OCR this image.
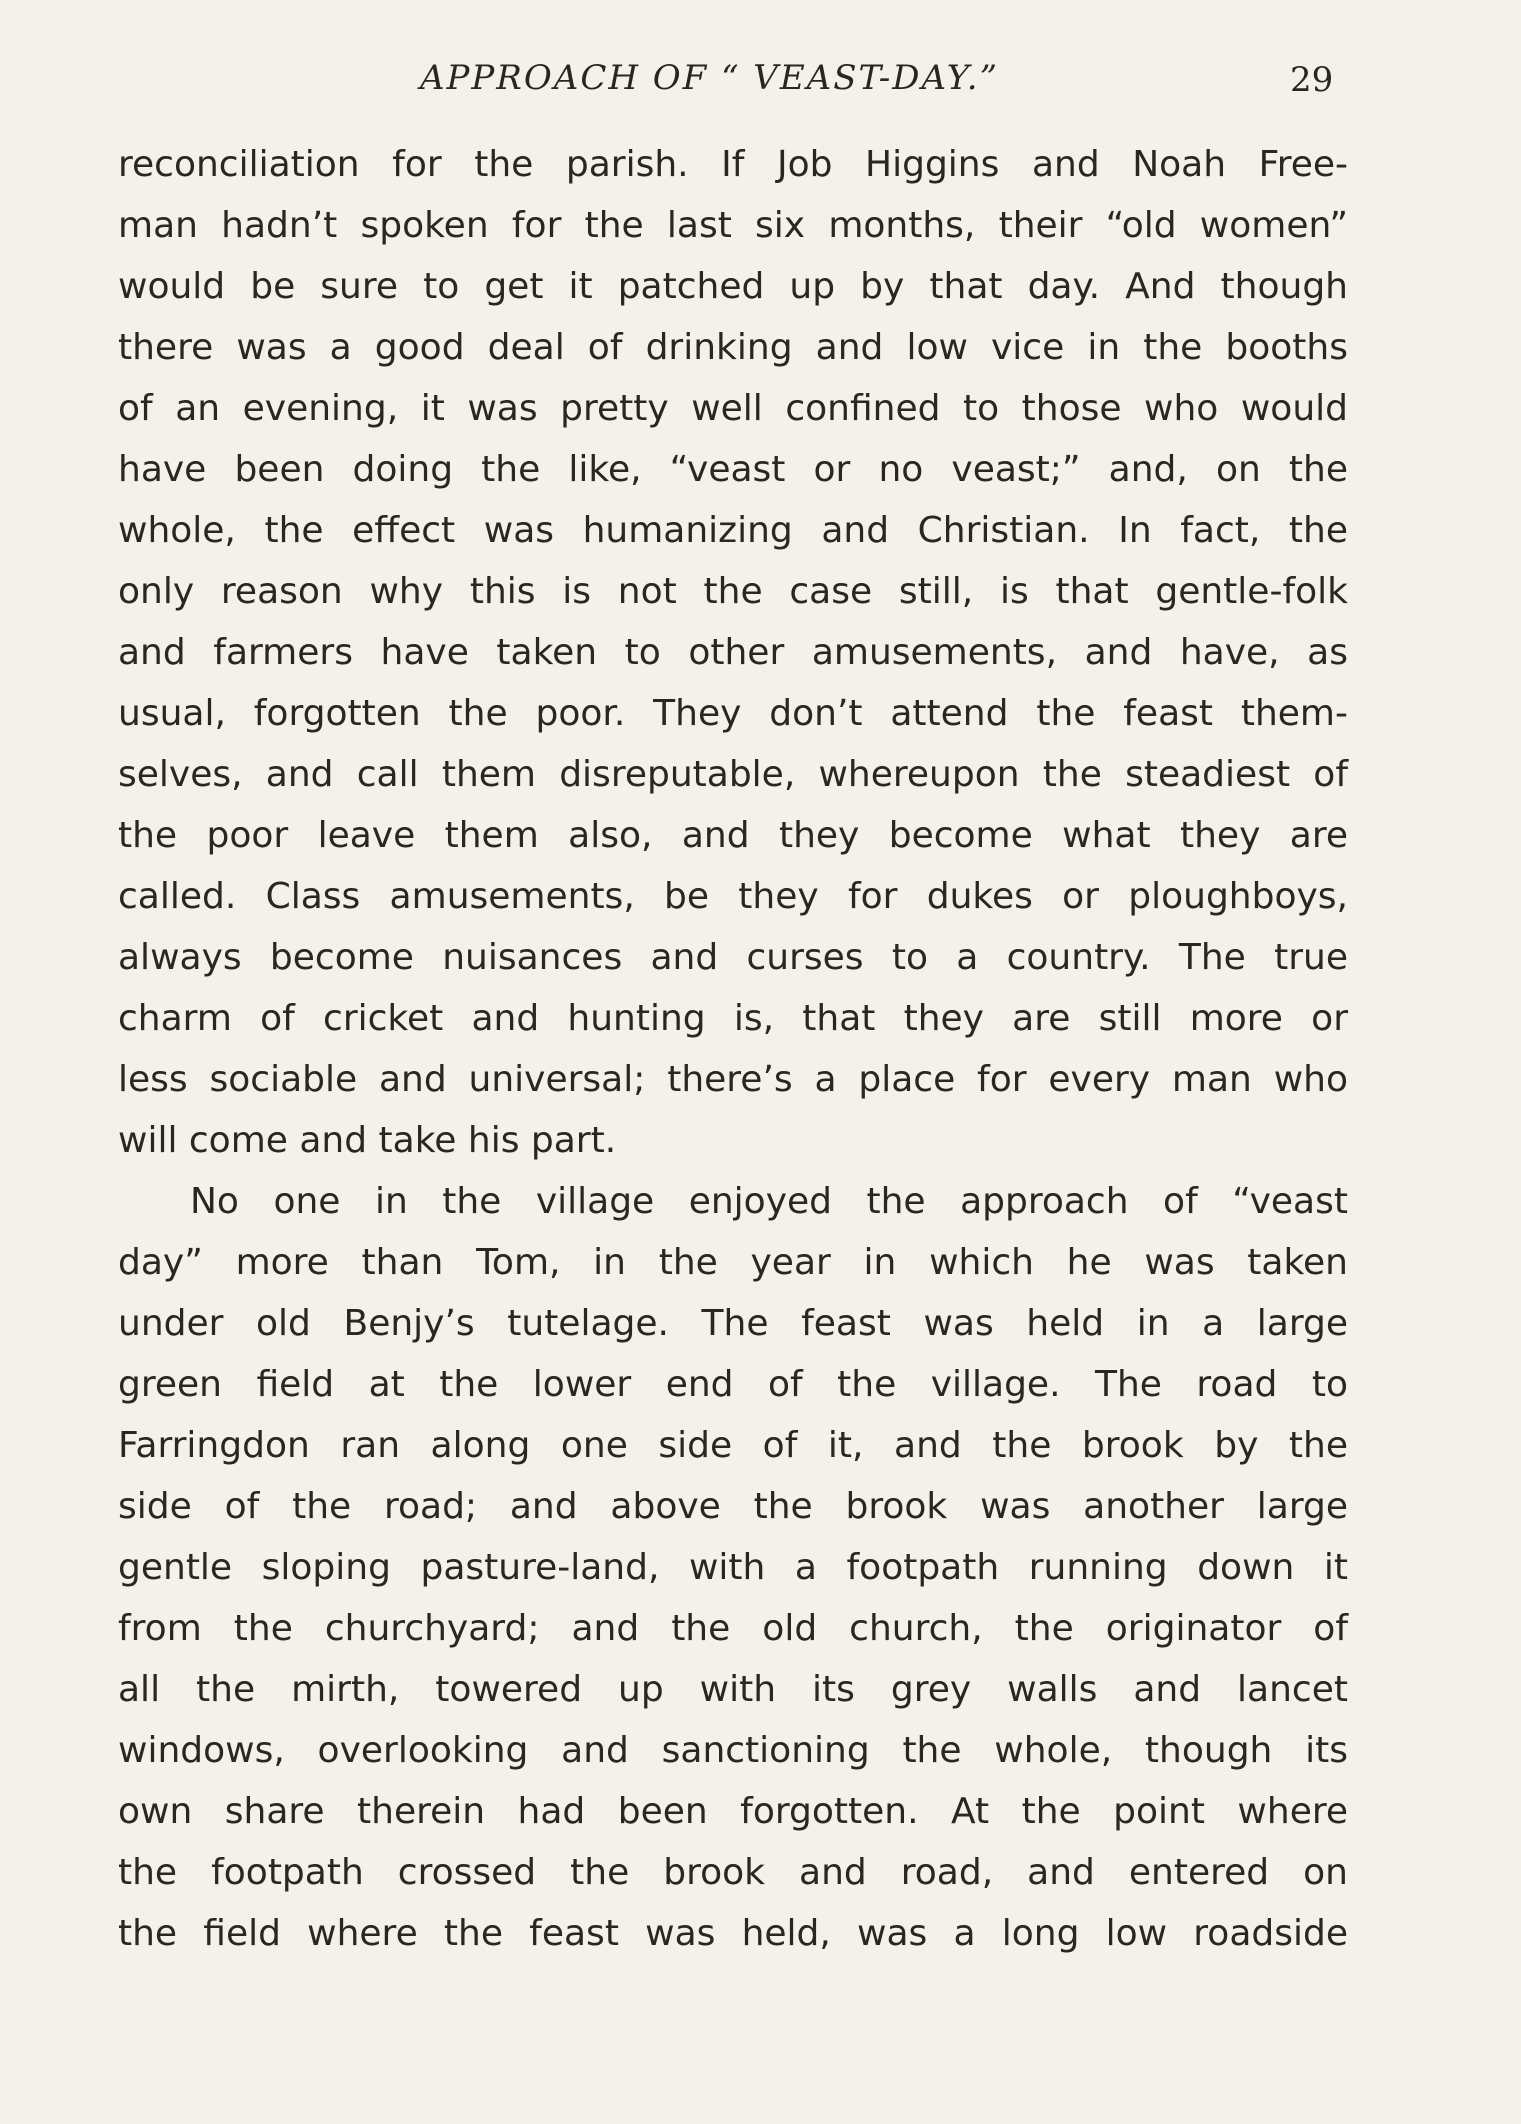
APPROACH OF “ VEAST-DAY.”	29
reconciliation for the parish. If Job Higgins and Noah Free-
man hadn’t spoken for the last six months, their “old women”
would be sure to get it patched up by that day. And though
there was a good deal of drinking and low vice in the booths
of an evening, it was pretty well confined to those who would
have been doing the like, “veast or no veast;” and, on the
whole, the effect was humanizing and Christian. In fact, the
only reason why this is not the case still, is that gentle-folk
and farmers have taken to other amusements, and have, as
usual, forgotten the poor. They don’t attend the feast them-
selves, and call them disreputable, whereupon the steadiest of
the poor leave them also, and they become what they are
called. Class amusements, be they for dukes or ploughboys,
always become nuisances and curses to a country. The true
charm of cricket and hunting is, that they are still more or
less sociable and universal; there’s a place for every man who
will come and take his part.
No one in the village enjoyed the approach of “veast
day” more than Tom, in the year in which he was taken
under old Benjy’s tutelage. The feast was held in a large
green field at the lower end of the village. The road to
Farringdon ran along one side of it, and the brook by the
side of the road; and above the brook was another large
gentle sloping pasture-land, with a footpath running down it
from the churchyard; and the old church, the originator of
all the mirth, towered up with its grey walls and lancet
windows, overlooking and sanctioning the whole, though its
own share therein had been forgotten. At the point where
the footpath crossed the brook and road, and entered on
the field where the feast was held, was a long low roadside
